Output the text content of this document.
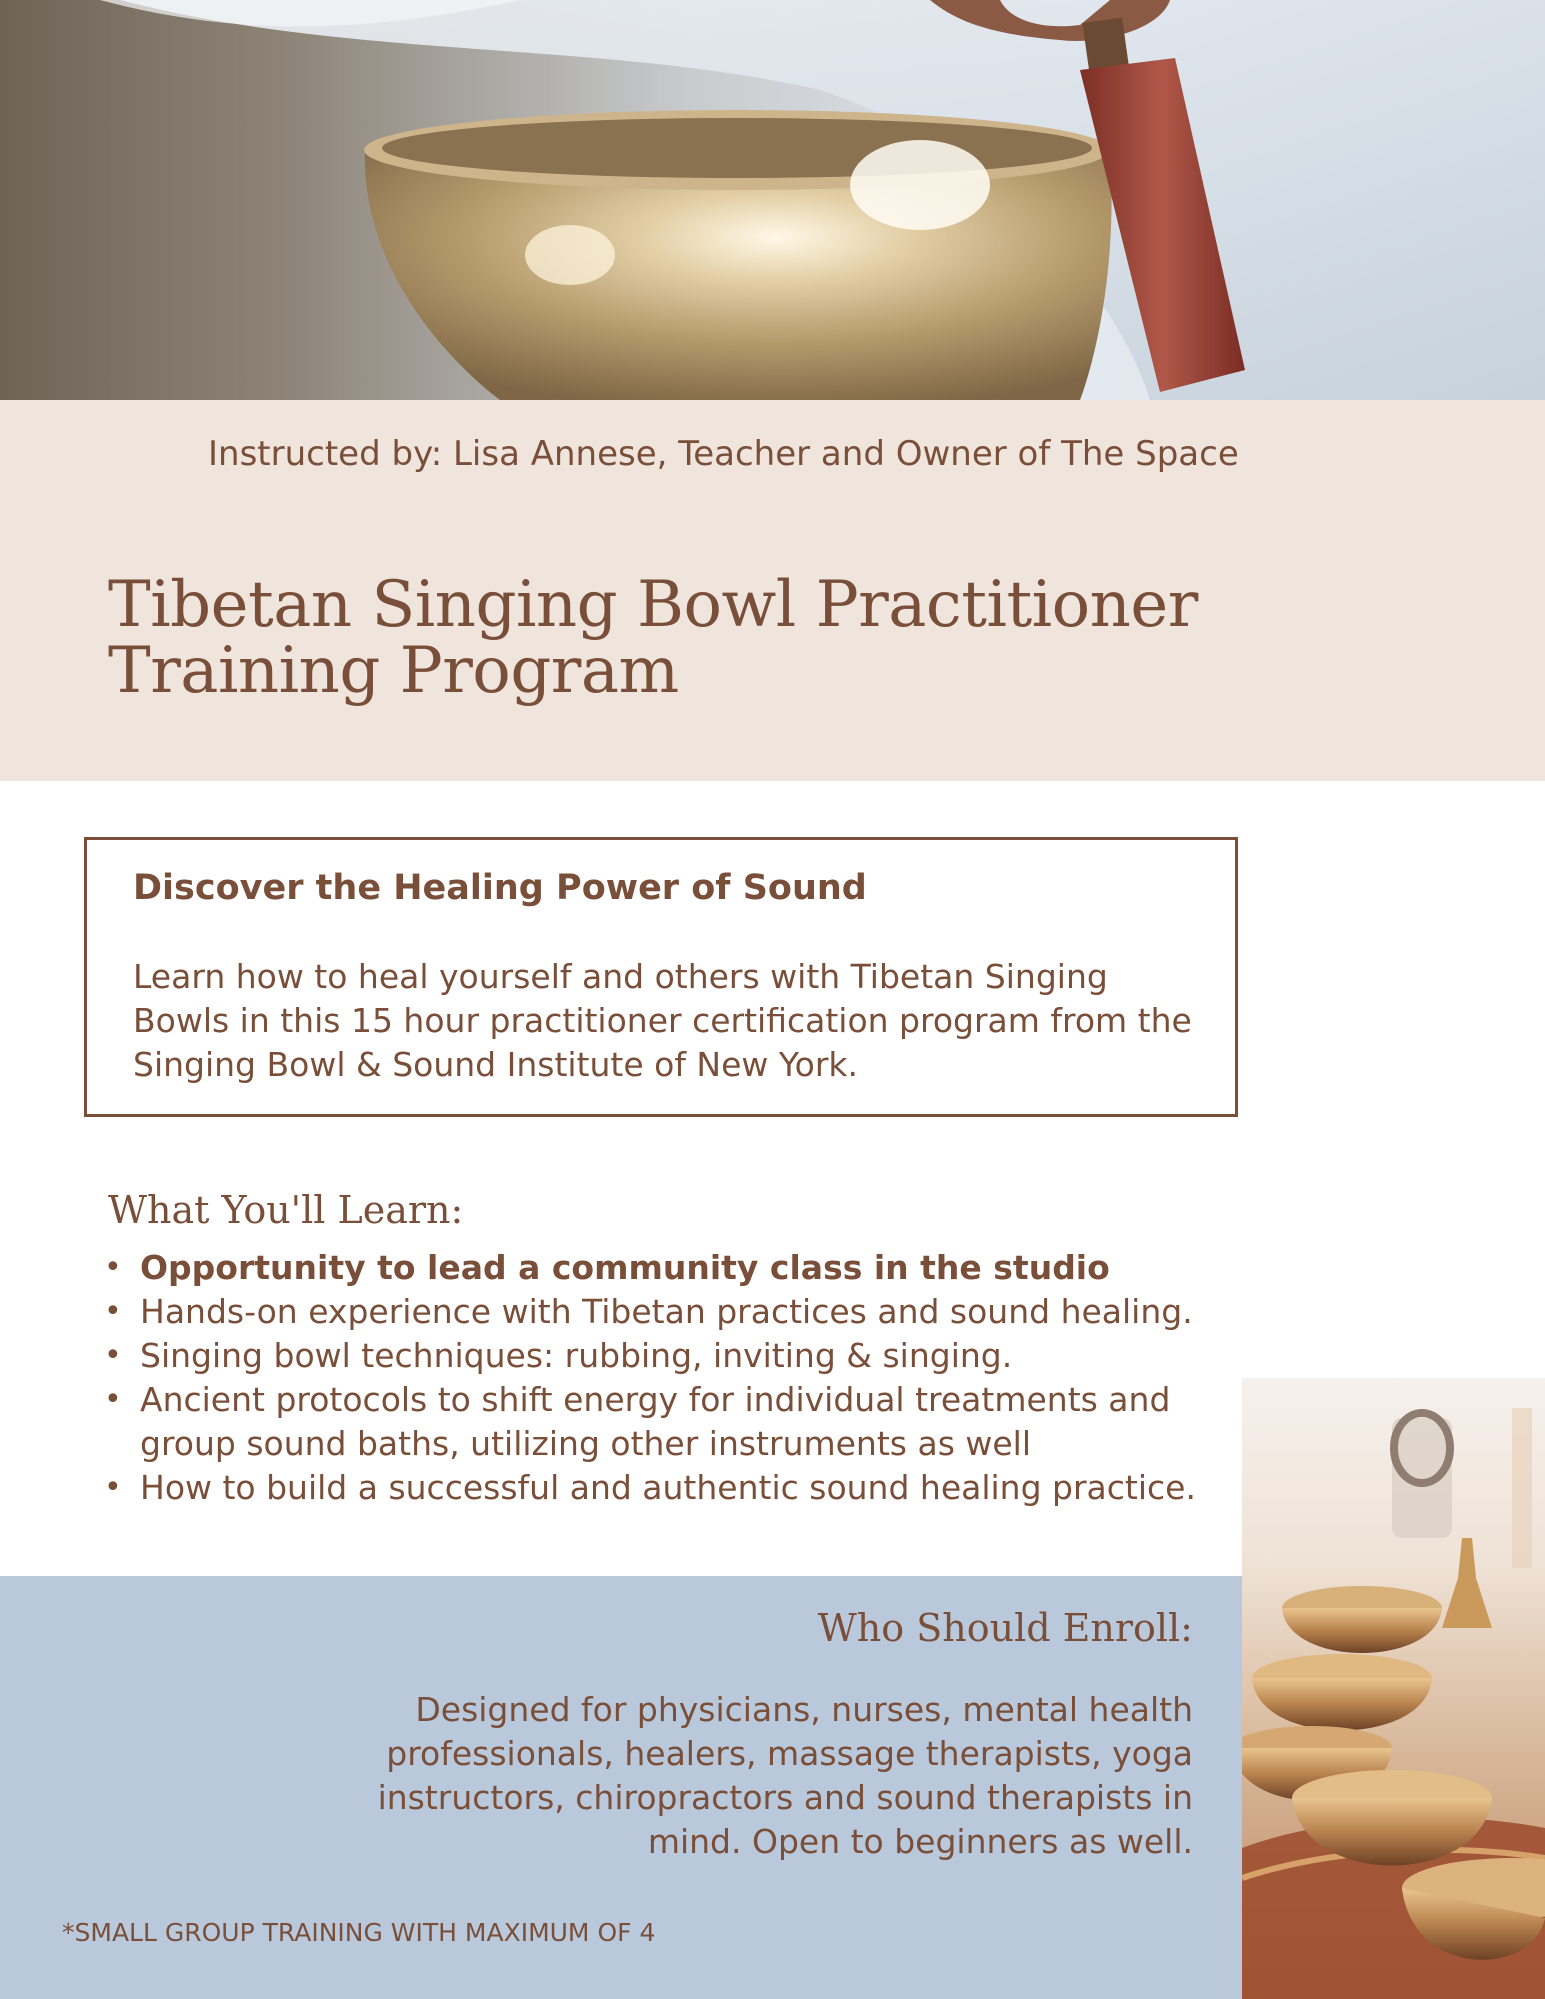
Instructed by: Lisa Annese, Teacher and Owner of The Space
Tibetan Singing Bowl Practitioner
Training Program
Discover the Healing Power of Sound

Learn how to heal yourself and others with Tibetan Singing Bowls in this 15 hour practitioner certification program from the Singing Bowl & Sound Institute of New York.

What You'll Learn:
• Opportunity to lead a community class in the studio
• Hands-on experience with Tibetan practices and sound healing.
• Singing bowl techniques: rubbing, inviting & singing.
• Ancient protocols to shift energy for individual treatments and group sound baths, utilizing other instruments as well
• How to build a successful and authentic sound healing practice.
Who Should Enroll:

Designed for physicians, nurses, mental health professionals, healers, massage therapists, yoga instructors, chiropractors and sound therapists in mind. Open to beginners as well.

*SMALL GROUP TRAINING WITH MAXIMUM OF 4
